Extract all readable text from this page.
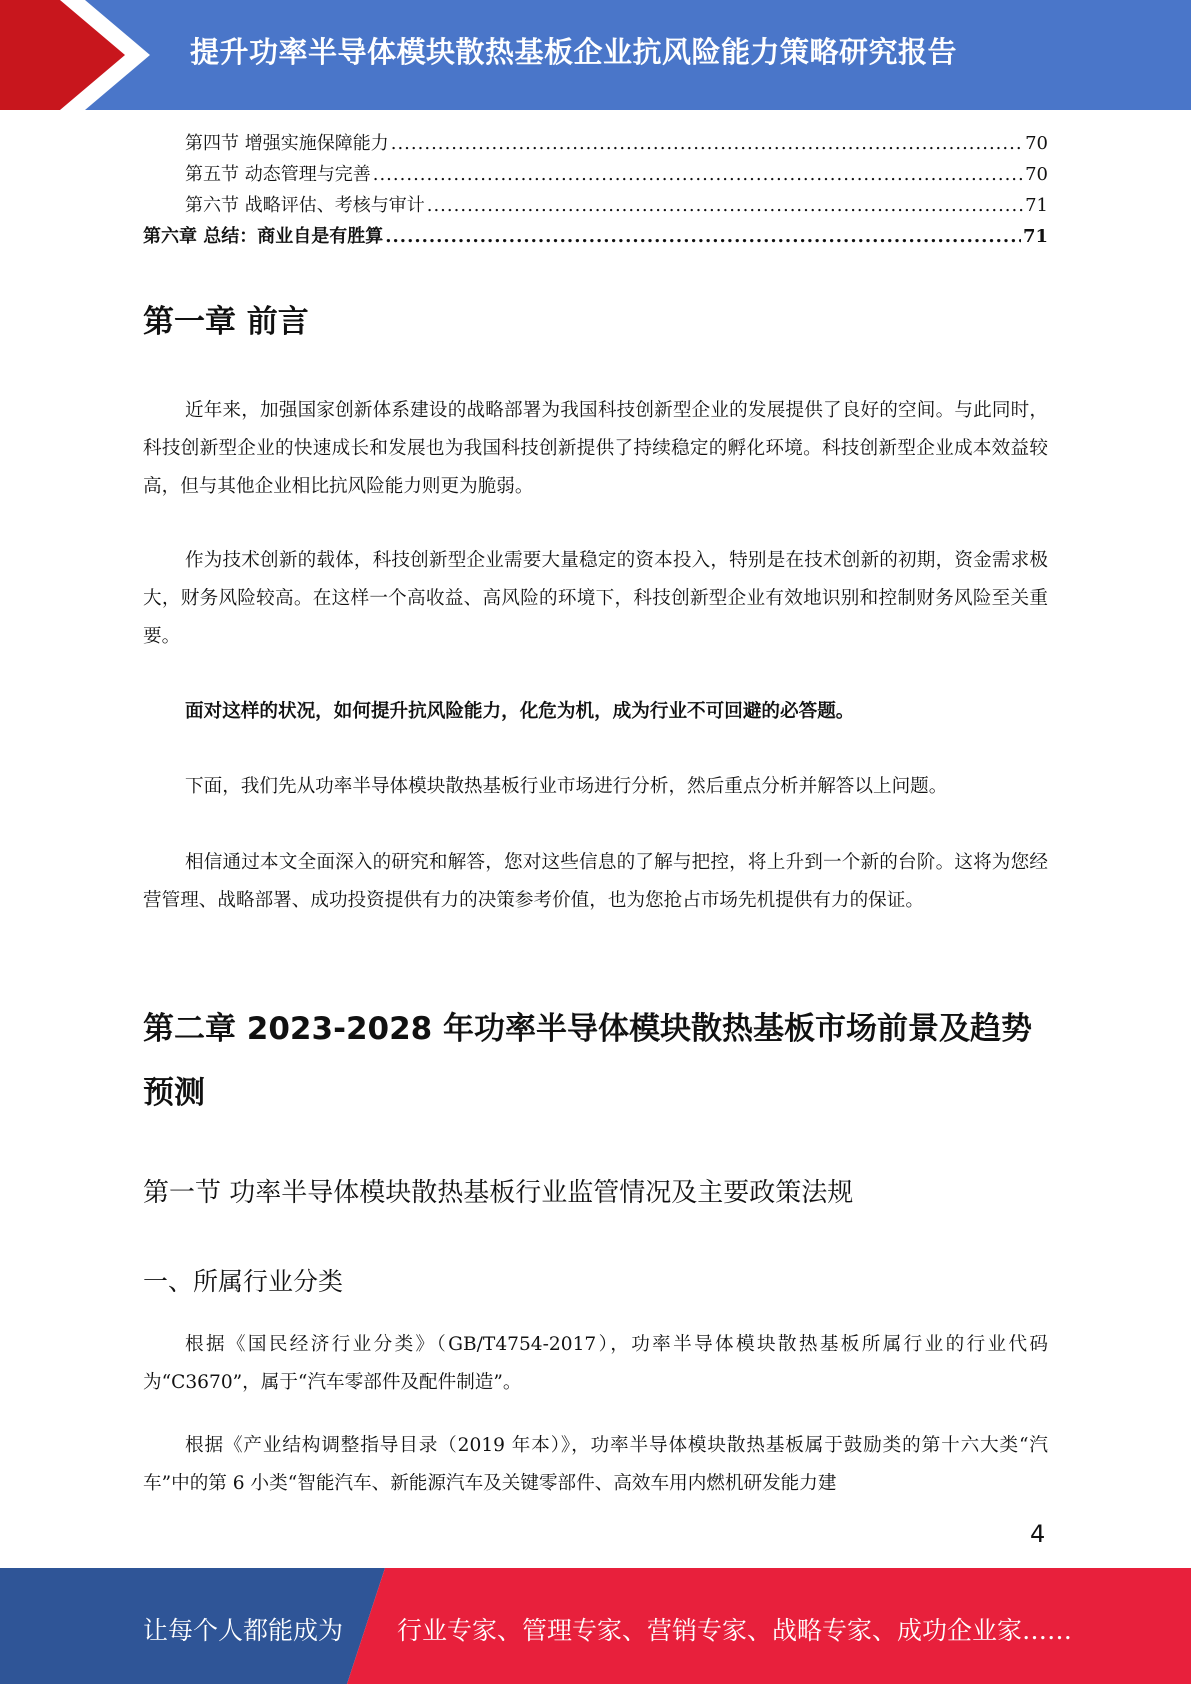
提升功率半导体模块散热基板企业抗风险能力策略研究报告
第四节 增强实施保障能力 .....	70
第五节 动态管理与完善 .....	70
第六节 战略评估、考核与审计 .....	71
第六章 总结：商业自是有胜算 .....	71
第一章 前言

近年来，加强国家创新体系建设的战略部署为我国科技创新型企业的发展提供了良好的空间。与此同时，科技创新型企业的快速成长和发展也为我国科技创新提供了持续稳定的孵化环境。科技创新型企业成本效益较高，但与其他企业相比抗风险能力则更为脆弱。

作为技术创新的载体，科技创新型企业需要大量稳定的资本投入，特别是在技术创新的初期，资金需求极大，财务风险较高。在这样一个高收益、高风险的环境下，科技创新型企业有效地识别和控制财务风险至关重要。

面对这样的状况，如何提升抗风险能力，化危为机，成为行业不可回避的必答题。

下面，我们先从功率半导体模块散热基板行业市场进行分析，然后重点分析并解答以上问题。

相信通过本文全面深入的研究和解答，您对这些信息的了解与把控，将上升到一个新的台阶。这将为您经营管理、战略部署、成功投资提供有力的决策参考价值，也为您抢占市场先机提供有力的保证。

第二章 2023-2028 年功率半导体模块散热基板市场前景及趋势预测
第一节 功率半导体模块散热基板行业监管情况及主要政策法规
一、所属行业分类

根据《国民经济行业分类》（GB/T4754-2017），功率半导体模块散热基板所属行业的行业代码为“C3670”，属于“汽车零部件及配件制造”。

根据《产业结构调整指导目录（2019 年本）》，功率半导体模块散热基板属于鼓励类的第十六大类“汽车”中的第 6 小类“智能汽车、新能源汽车及关键零部件、高效车用内燃机研发能力建

4
让每个人都能成为 行业专家、管理专家、营销专家、战略专家、成功企业家……
